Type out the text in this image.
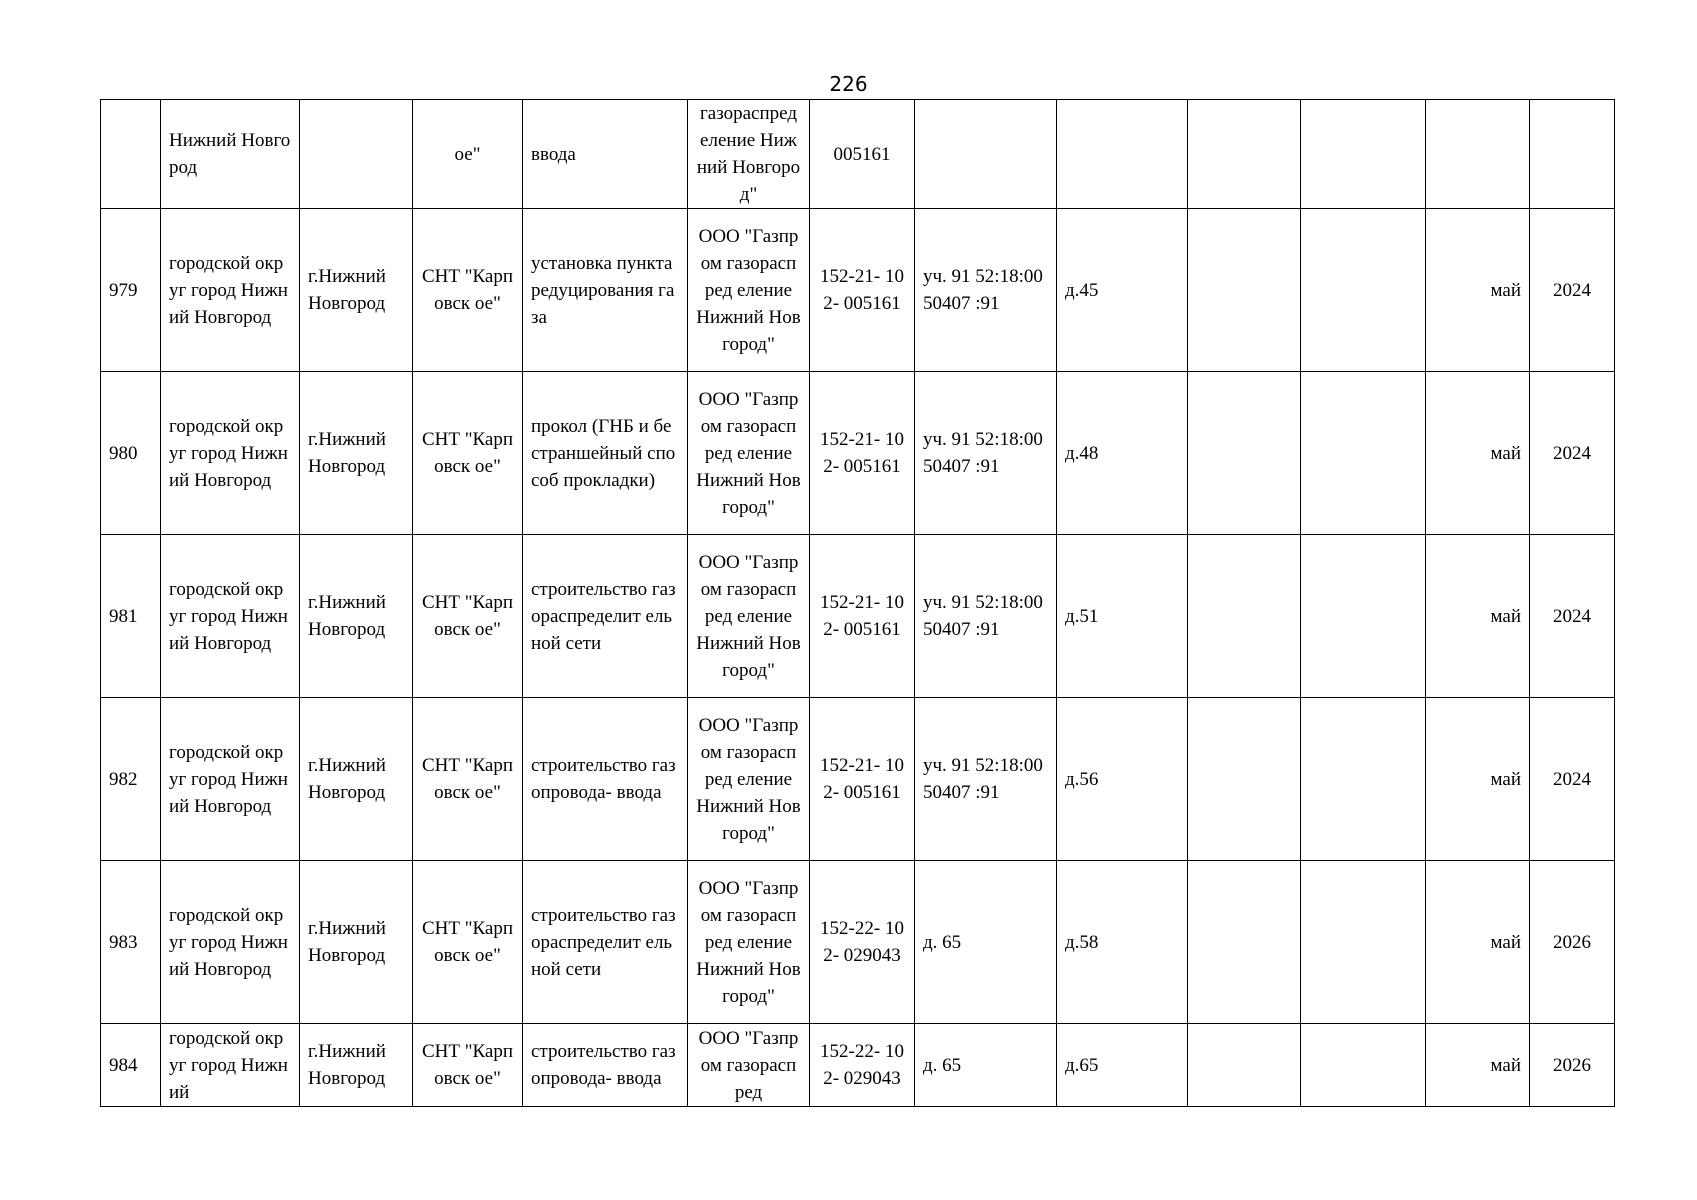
226
	Нижний Новгород		ое"	ввода	газораспред еление Нижний Новгород"	005161						
979	городской округ город Нижний Новгород	г.Нижний Новгород	СНТ "Карповск ое"	установка пункта редуцирования газа	ООО "Газпром газораспред еление Нижний Новгород"	152-21- 102- 005161	уч. 91 52:18:0050407 :91	д.45			май	2024
980	городской округ город Нижний Новгород	г.Нижний Новгород	СНТ "Карповск ое"	прокол (ГНБ и бестраншейный способ прокладки)	ООО "Газпром газораспред еление Нижний Новгород"	152-21- 102- 005161	уч. 91 52:18:0050407 :91	д.48			май	2024
981	городской округ город Нижний Новгород	г.Нижний Новгород	СНТ "Карповск ое"	строительство газораспределит ельной сети	ООО "Газпром газораспред еление Нижний Новгород"	152-21- 102- 005161	уч. 91 52:18:0050407 :91	д.51			май	2024
982	городской округ город Нижний Новгород	г.Нижний Новгород	СНТ "Карповск ое"	строительство газопровода- ввода	ООО "Газпром газораспред еление Нижний Новгород"	152-21- 102- 005161	уч. 91 52:18:0050407 :91	д.56			май	2024
983	городской округ город Нижний Новгород	г.Нижний Новгород	СНТ "Карповск ое"	строительство газораспределит ельной сети	ООО "Газпром газораспред еление Нижний Новгород"	152-22- 102- 029043	д. 65	д.58			май	2026
984	городской округ город Нижний	г.Нижний Новгород	СНТ "Карповск ое"	строительство газопровода- ввода	ООО "Газпром газораспред	152-22- 102- 029043	д. 65	д.65			май	2026
